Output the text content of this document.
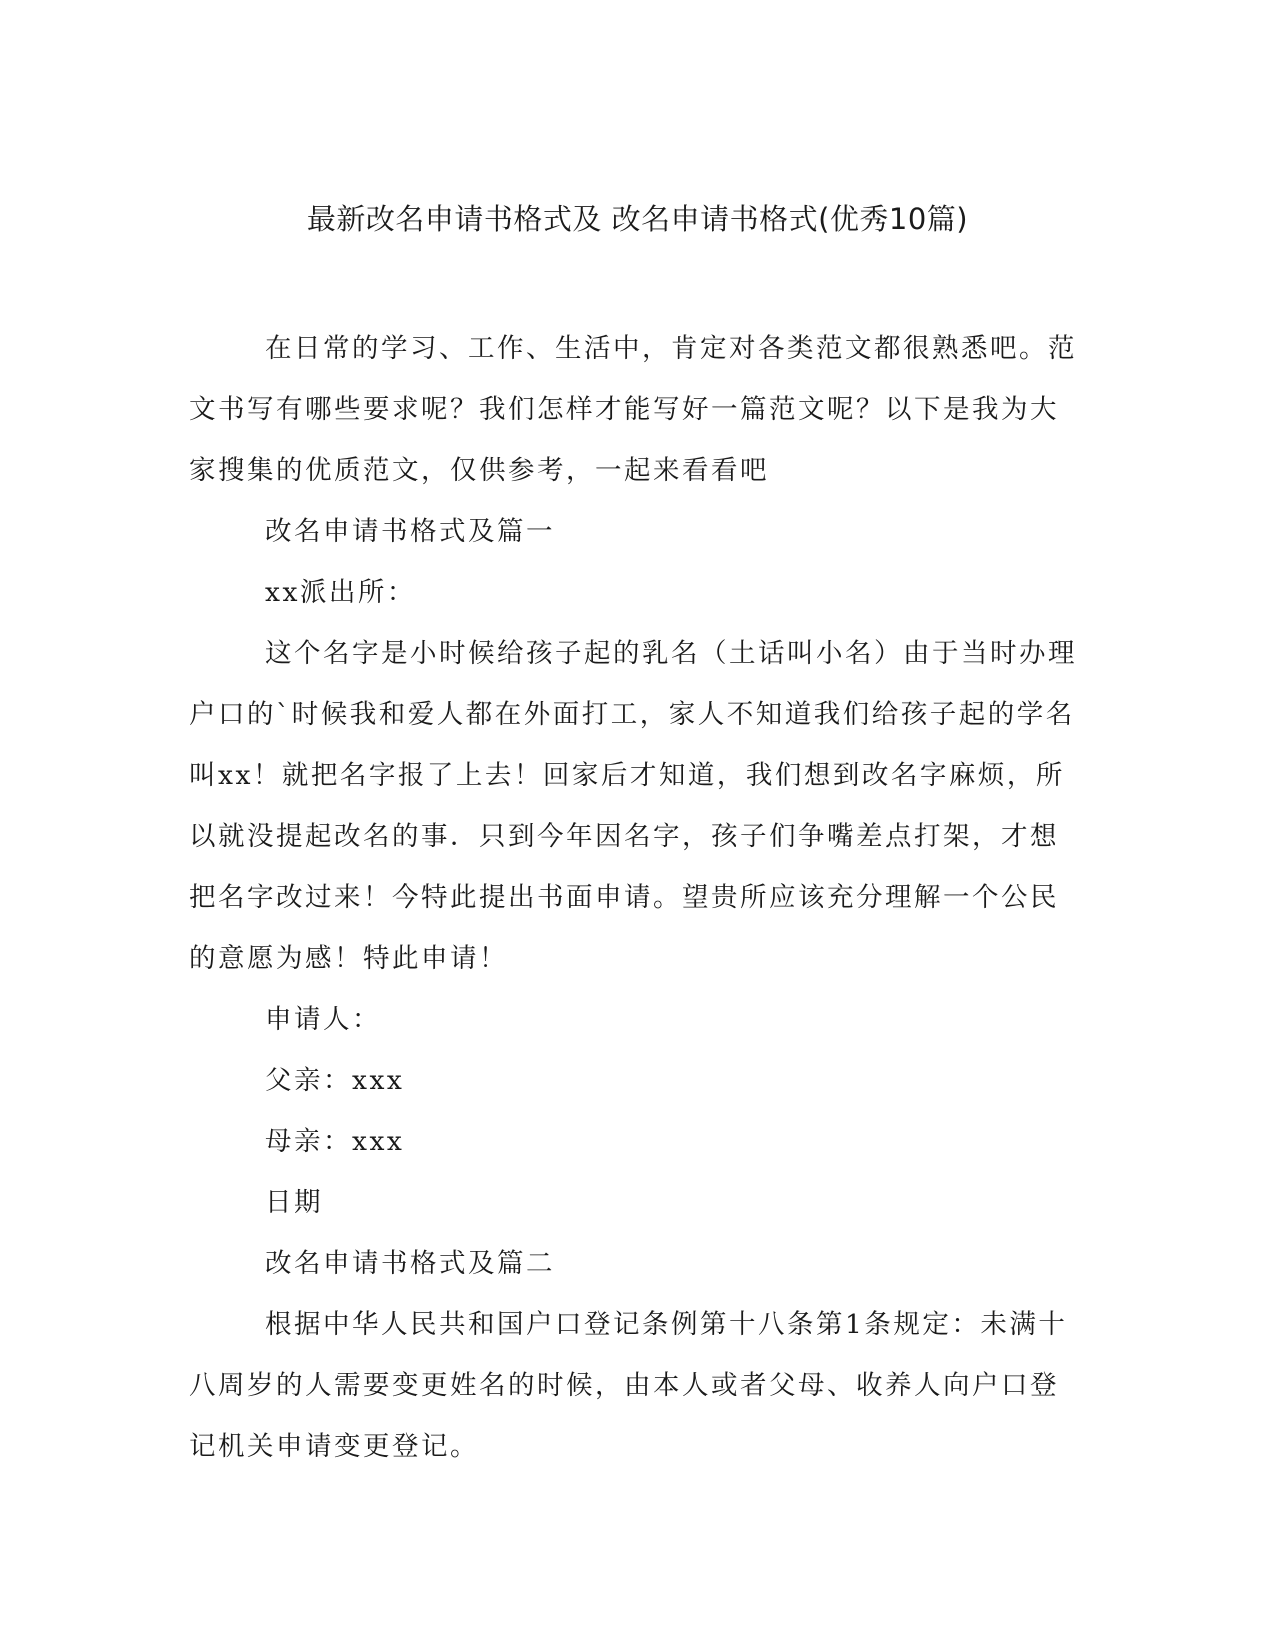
最新改名申请书格式及 改名申请书格式(优秀10篇)

在日常的学习、工作、生活中，肯定对各类范文都很熟悉吧。范文书写有哪些要求呢？我们怎样才能写好一篇范文呢？以下是我为大家搜集的优质范文，仅供参考，一起来看看吧

改名申请书格式及篇一

xx派出所：

这个名字是小时候给孩子起的乳名（土话叫小名）由于当时办理户口的`时候我和爱人都在外面打工，家人不知道我们给孩子起的学名叫xx！就把名字报了上去！回家后才知道，我们想到改名字麻烦，所以就没提起改名的事．只到今年因名字，孩子们争嘴差点打架，才想把名字改过来！今特此提出书面申请。望贵所应该充分理解一个公民的意愿为感！特此申请！

申请人：

父亲：xxx

母亲：xxx

日期

改名申请书格式及篇二

根据中华人民共和国户口登记条例第十八条第1条规定：未满十八周岁的人需要变更姓名的时候，由本人或者父母、收养人向户口登记机关申请变更登记。
